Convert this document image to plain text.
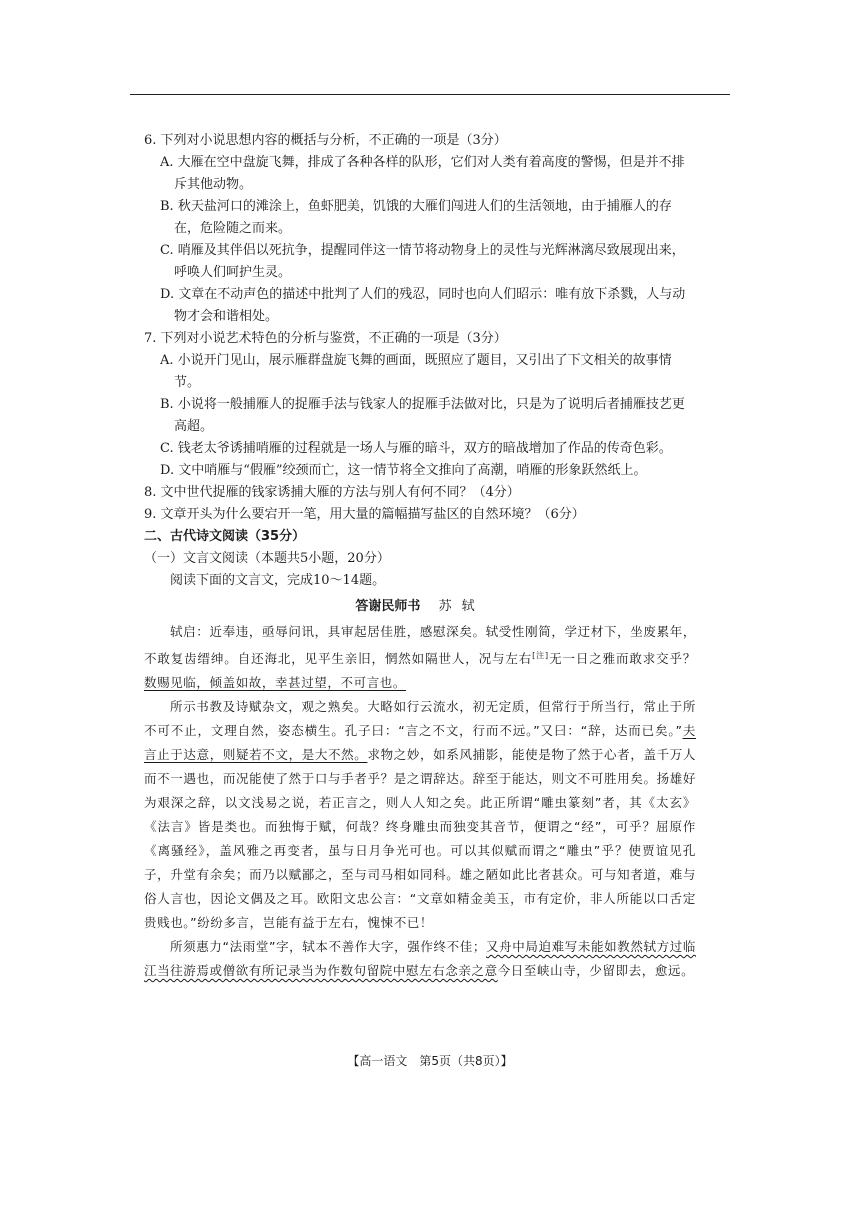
6. 下列对小说思想内容的概括与分析，不正确的一项是（3分）

A. 大雁在空中盘旋飞舞，排成了各种各样的队形，它们对人类有着高度的警惕，但是并不排斥其他动物。

B. 秋天盐河口的滩涂上，鱼虾肥美，饥饿的大雁们闯进人们的生活领地，由于捕雁人的存在，危险随之而来。

C. 哨雁及其伴侣以死抗争，提醒同伴这一情节将动物身上的灵性与光辉淋漓尽致展现出来，呼唤人们呵护生灵。

D. 文章在不动声色的描述中批判了人们的残忍，同时也向人们昭示：唯有放下杀戮，人与动物才会和谐相处。

7. 下列对小说艺术特色的分析与鉴赏，不正确的一项是（3分）

A. 小说开门见山，展示雁群盘旋飞舞的画面，既照应了题目，又引出了下文相关的故事情节。

B. 小说将一般捕雁人的捉雁手法与钱家人的捉雁手法做对比，只是为了说明后者捕雁技艺更高超。

C. 钱老太爷诱捕哨雁的过程就是一场人与雁的暗斗，双方的暗战增加了作品的传奇色彩。

D. 文中哨雁与“假雁”绞颈而亡，这一情节将全文推向了高潮，哨雁的形象跃然纸上。

8. 文中世代捉雁的钱家诱捕大雁的方法与别人有何不同？（4分）

9. 文章开头为什么要宕开一笔，用大量的篇幅描写盐区的自然环境？（6分）

二、古代诗文阅读（35分）

（一）文言文阅读（本题共5小题，20分）

阅读下面的文言文，完成10～14题。

答谢民师书 苏轼

轼启：近奉违，亟辱问讯，具审起居佳胜，感慰深矣。轼受性刚简，学迂材下，坐废累年，不敢复齿缙绅。自还海北，见平生亲旧，惘然如隔世人，况与左右[注]无一日之雅而敢求交乎？数赐见临，倾盖如故，幸甚过望，不可言也。

所示书教及诗赋杂文，观之熟矣。大略如行云流水，初无定质，但常行于所当行，常止于所不可不止，文理自然，姿态横生。孔子曰：“言之不文，行而不远。”又曰：“辞，达而已矣。”夫言止于达意，则疑若不文，是大不然。求物之妙，如系风捕影，能使是物了然于心者，盖千万人而不一遇也，而况能使了然于口与手者乎？是之谓辞达。辞至于能达，则文不可胜用矣。扬雄好为艰深之辞，以文浅易之说，若正言之，则人人知之矣。此正所谓“雕虫篆刻”者，其《太玄》《法言》皆是类也。而独悔于赋，何哉？终身雕虫而独变其音节，便谓之“经”，可乎？屈原作《离骚经》，盖风雅之再变者，虽与日月争光可也。可以其似赋而谓之“雕虫”乎？使贾谊见孔子，升堂有余矣；而乃以赋鄙之，至与司马相如同科。雄之陋如此比者甚众。可与知者道，难与俗人言也，因论文偶及之耳。欧阳文忠公言：“文章如精金美玉，市有定价，非人所能以口舌定贵贱也。”纷纷多言，岂能有益于左右，愧悚不已！

所须惠力“法雨堂”字，轼本不善作大字，强作终不佳；又舟中局迫难写未能如教然轼方过临江当往游焉或僧欲有所记录当为作数句留院中慰左右念亲之意今日至峡山寺，少留即去，愈远。

【高一语文　第5页（共8页）】
